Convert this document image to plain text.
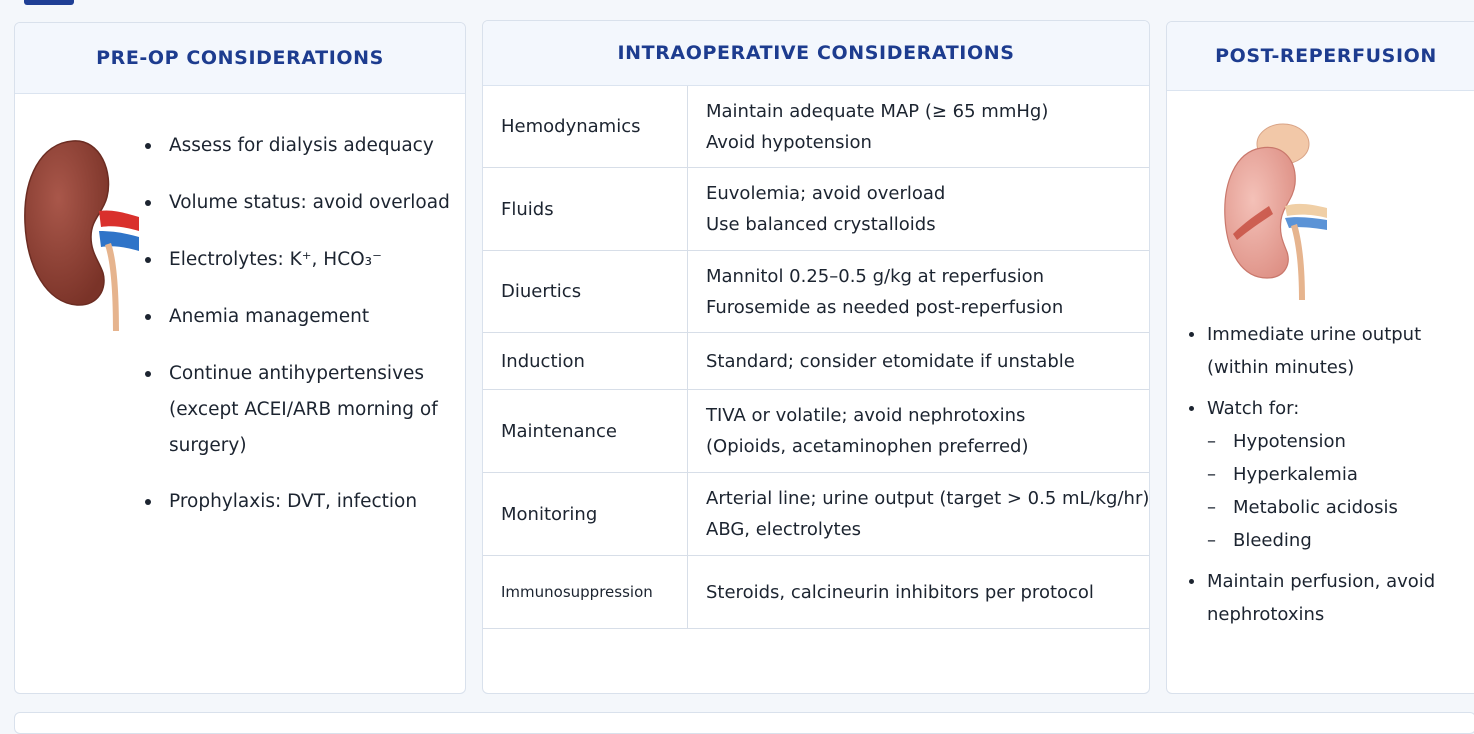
PRE-OP CONSIDERATIONS
Assess for dialysis adequacy
Volume status: avoid overload
Electrolytes: K⁺, HCO₃⁻
Anemia management
Continue antihypertensives (except ACEI/ARB morning of surgery)
Prophylaxis: DVT, infection
INTRAOPERATIVE CONSIDERATIONS
Hemodynamics	Maintain adequate MAP (≥ 65 mmHg)
Avoid hypotension

Fluids	Euvolemia; avoid overload
Use balanced crystalloids

Diuertics	Mannitol 0.25–0.5 g/kg at reperfusion
Furosemide as needed post-reperfusion

Induction	Standard; consider etomidate if unstable

Maintenance	TIVA or volatile; avoid nephrotoxins
(Opioids, acetaminophen preferred)

Monitoring	Arterial line; urine output (target > 0.5 mL/kg/hr)
ABG, electrolytes

Immunosuppression	Steroids, calcineurin inhibitors per protocol
POST-REPERFUSION
Immediate urine output (within minutes)
Watch for:
– Hypotension
– Hyperkalemia
– Metabolic acidosis
– Bleeding
Maintain perfusion, avoid nephrotoxins
